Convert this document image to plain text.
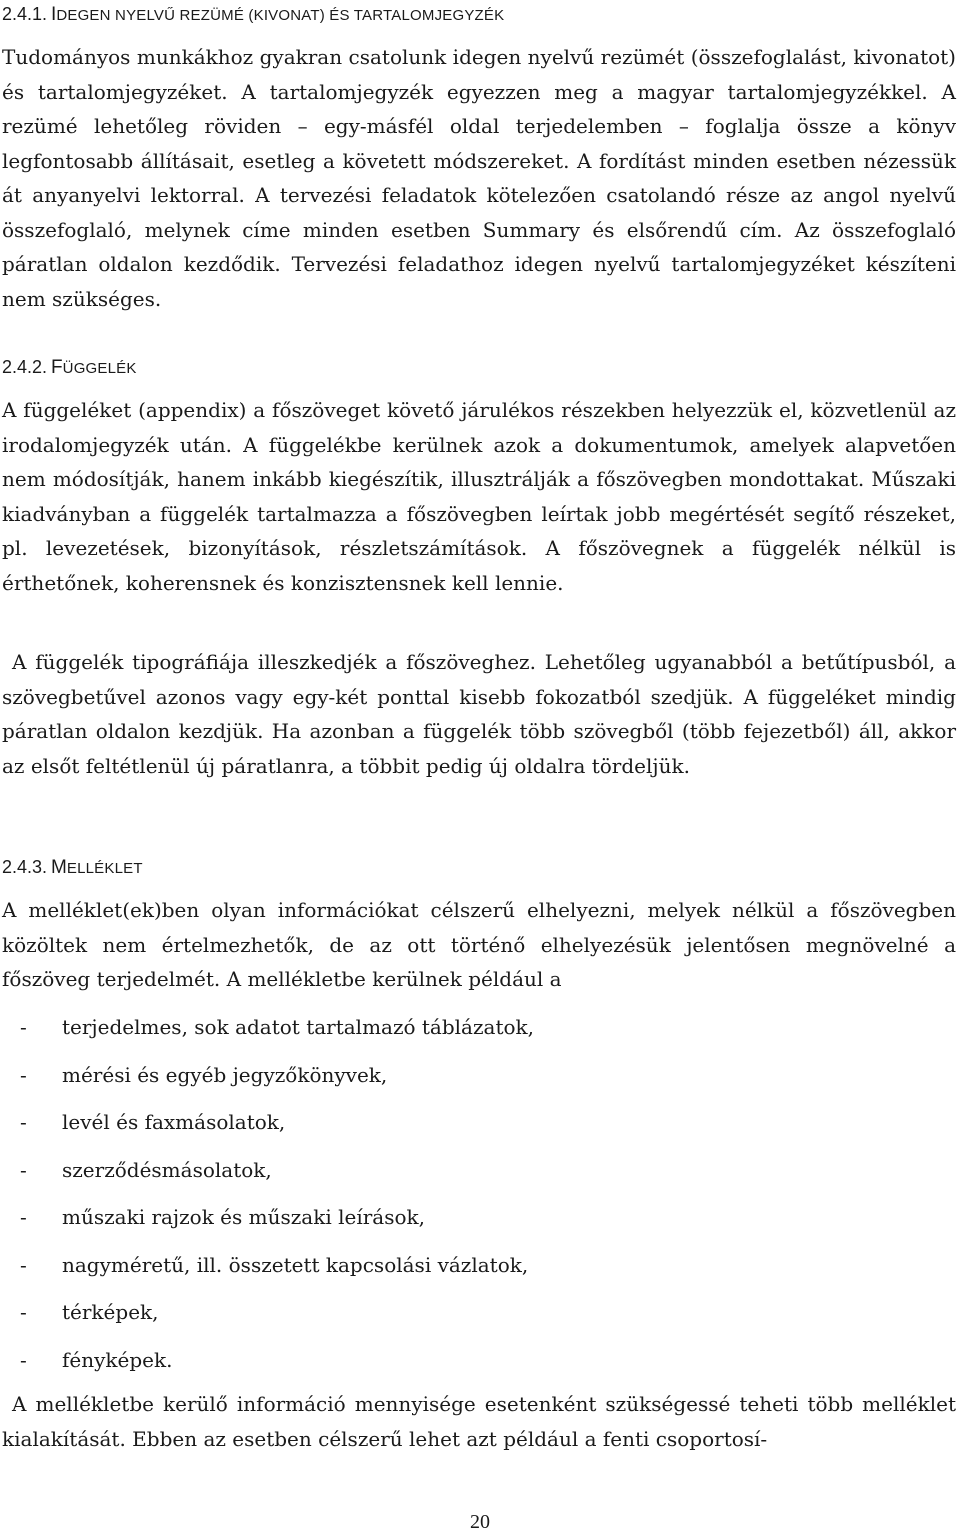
2.4.1. IDEGEN NYELVŰ REZÜMÉ (KIVONAT) ÉS TARTALOMJEGYZÉK

Tudományos munkákhoz gyakran csatolunk idegen nyelvű rezümét (összefoglalást, kivonatot) és tartalomjegyzéket. A tartalomjegyzék egyezzen meg a magyar tartalomjegyzékkel. A rezümé lehetőleg röviden – egy-másfél oldal terjedelemben – foglalja össze a könyv legfontosabb állításait, esetleg a követett módszereket. A fordítást minden esetben nézessük át anyanyelvi lektorral. A tervezési feladatok kötelezően csatolandó része az angol nyelvű összefoglaló, melynek címe minden esetben Summary és elsőrendű cím. Az összefoglaló páratlan oldalon kezdődik. Tervezési feladathoz idegen nyelvű tartalomjegyzéket készíteni nem szükséges.

2.4.2. FÜGGELÉK

A függeléket (appendix) a főszöveget követő járulékos részekben helyezzük el, közvetlenül az irodalomjegyzék után. A függelékbe kerülnek azok a dokumentumok, amelyek alapvetően nem módosítják, hanem inkább kiegészítik, illusztrálják a főszövegben mondottakat. Műszaki kiadványban a függelék tartalmazza a főszövegben leírtak jobb megértését segítő részeket, pl. levezetések, bizonyítások, részletszámítások. A főszövegnek a függelék nélkül is érthetőnek, koherensnek és konzisztensnek kell lennie.

A függelék tipográfiája illeszkedjék a főszöveghez. Lehetőleg ugyanabból a betűtípusból, a szövegbetűvel azonos vagy egy-két ponttal kisebb fokozatból szedjük. A függeléket mindig páratlan oldalon kezdjük. Ha azonban a függelék több szövegből (több fejezetből) áll, akkor az elsőt feltétlenül új páratlanra, a többit pedig új oldalra tördeljük.

2.4.3. MELLÉKLET

A melléklet(ek)ben olyan információkat célszerű elhelyezni, melyek nélkül a főszövegben közöltek nem értelmezhetők, de az ott történő elhelyezésük jelentősen megnövelné a főszöveg terjedelmét. A mellékletbe kerülnek például a

- terjedelmes, sok adatot tartalmazó táblázatok,
- mérési és egyéb jegyzőkönyvek,
- levél és faxmásolatok,
- szerződésmásolatok,
- műszaki rajzok és műszaki leírások,
- nagyméretű, ill. összetett kapcsolási vázlatok,
- térképek,
- fényképek.

A mellékletbe kerülő információ mennyisége esetenként szükségessé teheti több melléklet kialakítását. Ebben az esetben célszerű lehet azt például a fenti csoportosí-

20
